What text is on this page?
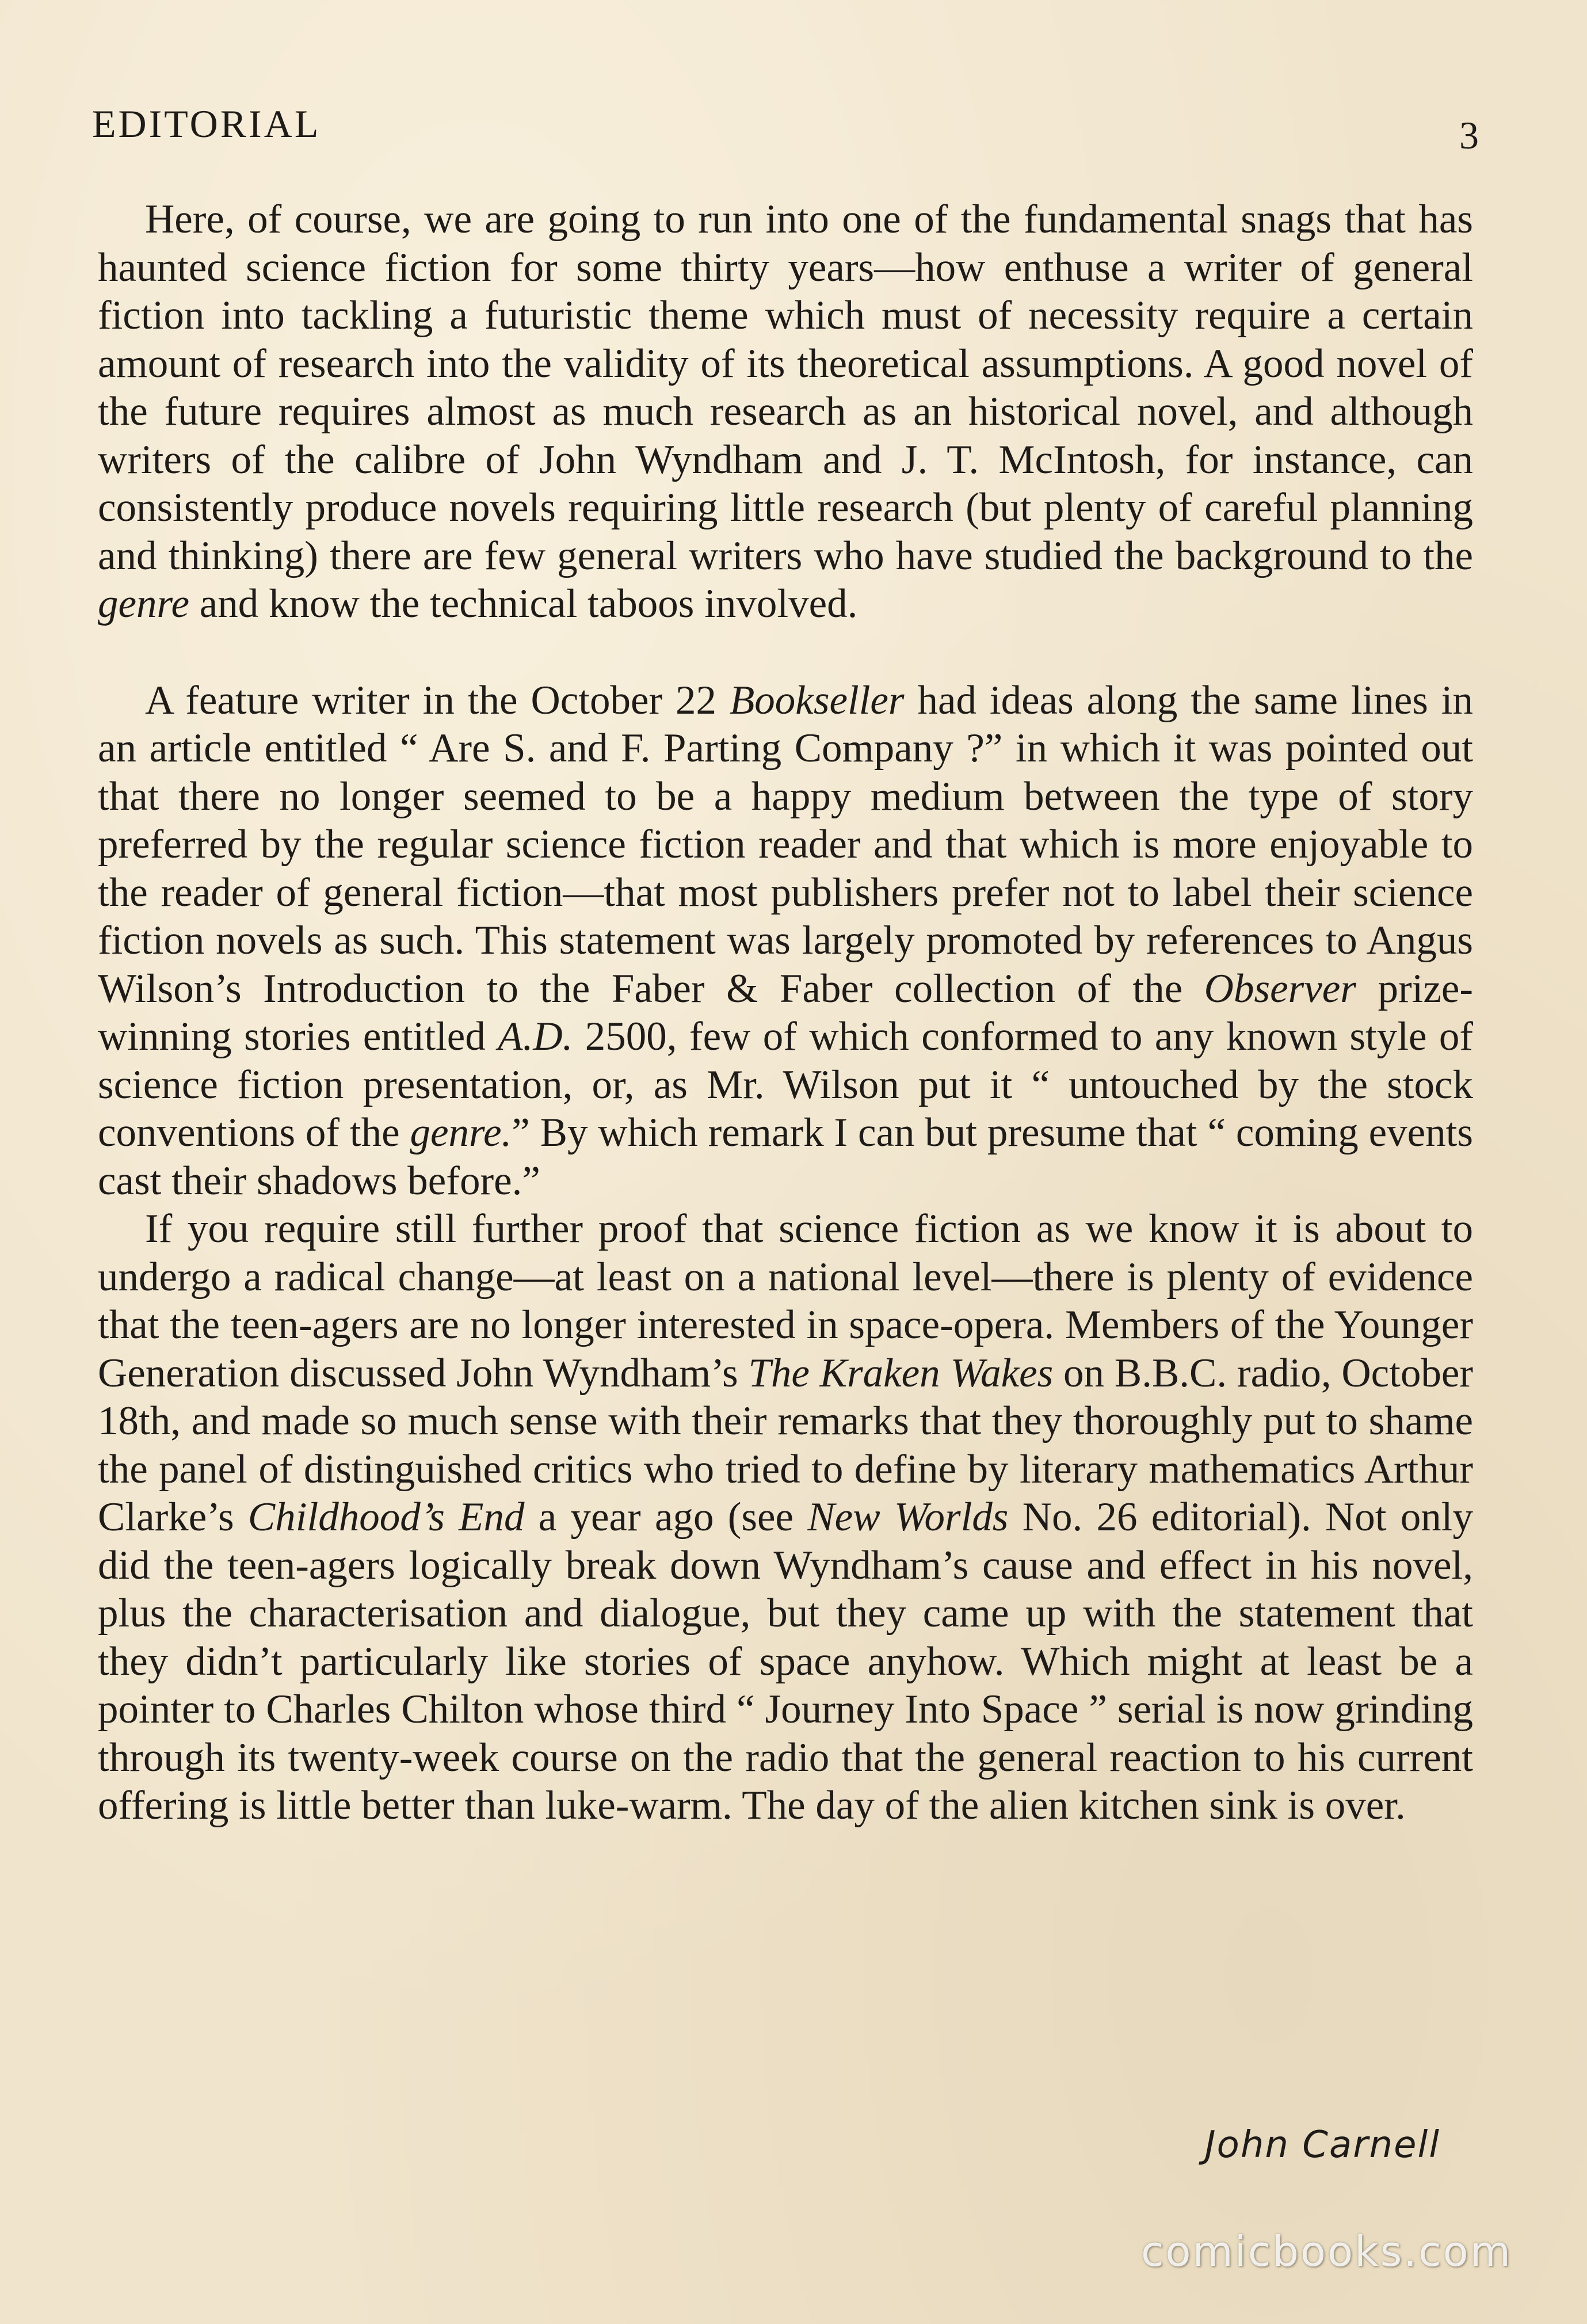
EDITORIAL	3

Here, of course, we are going to run into one of the fundamental snags that has haunted science fiction for some thirty years—how enthuse a writer of general fiction into tackling a futuristic theme which must of necessity require a certain amount of research into the validity of its theoretical assumptions. A good novel of the future requires almost as much research as an historical novel, and although writers of the calibre of John Wyndham and J. T. McIntosh, for instance, can consistently produce novels requiring little research (but plenty of careful planning and thinking) there are few general writers who have studied the background to the genre and know the technical taboos involved.

A feature writer in the October 22 Bookseller had ideas along the same lines in an article entitled “ Are S. and F. Parting Company ?” in which it was pointed out that there no longer seemed to be a happy medium between the type of story preferred by the regular science fiction reader and that which is more enjoyable to the reader of general fiction—that most publishers prefer not to label their science fiction novels as such. This statement was largely promoted by references to Angus Wilson’s Introduction to the Faber & Faber collection of the Observer prize-winning stories entitled A.D. 2500, few of which conformed to any known style of science fiction presentation, or, as Mr. Wilson put it “ untouched by the stock conventions of the genre.” By which remark I can but presume that “ coming events cast their shadows before.”

If you require still further proof that science fiction as we know it is about to undergo a radical change—at least on a national level—there is plenty of evidence that the teen-agers are no longer interested in space-opera. Members of the Younger Generation discussed John Wyndham’s The Kraken Wakes on B.B.C. radio, October 18th, and made so much sense with their remarks that they thoroughly put to shame the panel of distinguished critics who tried to define by literary mathematics Arthur Clarke’s Childhood’s End a year ago (see New Worlds No. 26 editorial). Not only did the teen-agers logically break down Wyndham’s cause and effect in his novel, plus the characterisation and dialogue, but they came up with the statement that they didn’t particularly like stories of space anyhow. Which might at least be a pointer to Charles Chilton whose third “ Journey Into Space ” serial is now grinding through its twenty-week course on the radio that the general reaction to his current offering is little better than luke-warm. The day of the alien kitchen sink is over.

John Carnell
comicbooks.com
